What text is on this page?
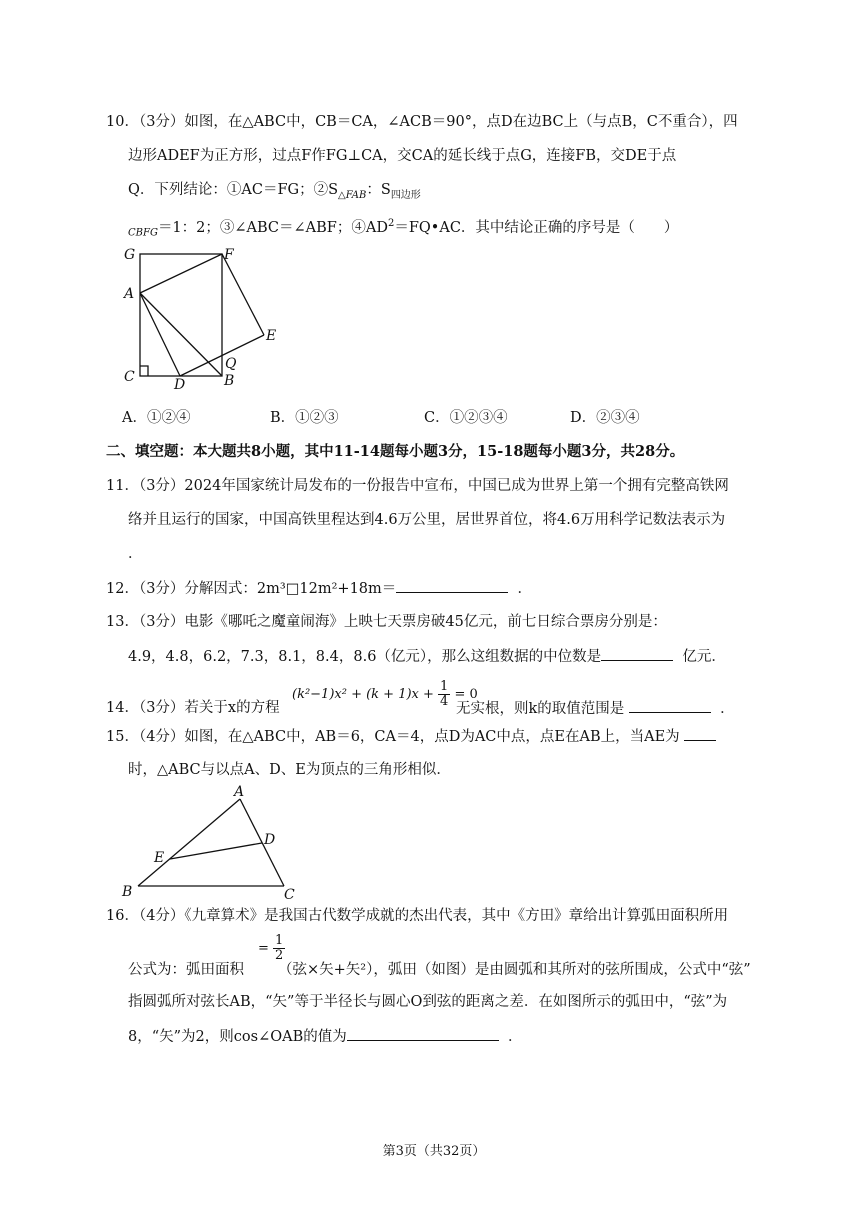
10．（3分）如图，在△ABC中，CB＝CA，∠ACB＝90°，点D在边BC上（与点B，C不重合），四
边形ADEF为正方形，过点F作FG⊥CA，交CA的延长线于点G，连接FB，交DE于点
Q．下列结论：①AC＝FG；$②S_{\triangle FAB}$：$S_{四边形}$
$_{CBFG}$＝1：2；③∠ABC＝∠ABF；$④AD^2=FQ•AC$．其中结论正确的序号是（　　）
G	F
A
E
Q
C	D	B
A．①②④	B．①②③	C．①②③④	D．②③④
二、填空题：本大题共8小题，其中11-14题每小题3分，15-18题每小题3分，共28分。
11．（3分）2024年国家统计局发布的一份报告中宣布，中国已成为世界上第一个拥有完整高铁网
络并且运行的国家，中国高铁里程达到4.6万公里，居世界首位，将4.6万用科学记数法表示为
．
12．（3分）分解因式：2m³□12m²+18m＝	．
13．（3分）电影《哪吒之魔童闹海》上映七天票房破45亿元，前七日综合票房分别是：
4.9，4.8，6.2，7.3，8.1，8.4，8.6（亿元），那么这组数据的中位数是	亿元．
14．（3分）若关于x的方程
$(k^2-1)x^2 + (k + 1)x + \frac{1}{4} = 0$
无实根，则k的取值范围是	．
15．（4分）如图，在△ABC中，AB＝6，CA＝4，点D为AC中点，点E在AB上，当AE为
时，△ABC与以点A、D、E为顶点的三角形相似．
A
D
E
B	C
16．（4分）《九章算术》是我国古代数学成就的杰出代表，其中《方田》章给出计算弧田面积所用
公式为：弧田面积
= $\frac{1}{2}$
（弦×矢+矢²），弧田（如图）是由圆弧和其所对的弦所围成，公式中“弦”
指圆弧所对弦长AB，“矢”等于半径长与圆心O到弦的距离之差．在如图所示的弧田中，“弦”为
8，“矢”为2，则cos∠OAB的值为	．
第3页（共32页）
